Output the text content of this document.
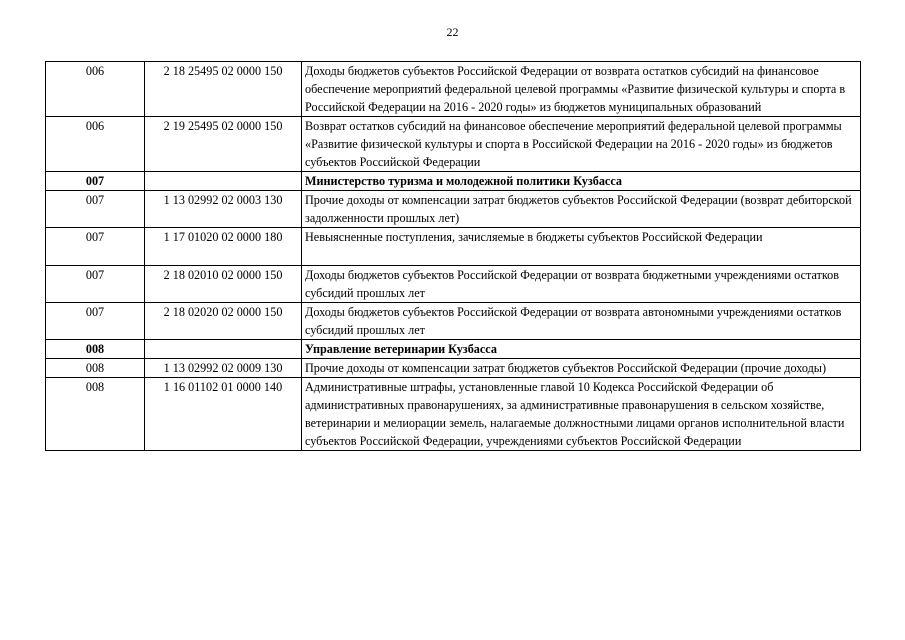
22
006	2 18 25495 02 0000 150	Доходы бюджетов субъектов Российской Федерации от возврата остатков субсидий на финансовое обеспечение мероприятий федеральной целевой программы «Развитие физической культуры и спорта в Российской Федерации на 2016 - 2020 годы» из бюджетов муниципальных образований
006	2 19 25495 02 0000 150	Возврат остатков субсидий на финансовое обеспечение мероприятий федеральной целевой программы «Развитие физической культуры и спорта в Российской Федерации на 2016 - 2020 годы» из бюджетов субъектов Российской Федерации
007		Министерство туризма и молодежной политики Кузбасса
007	1 13 02992 02 0003 130	Прочие доходы от компенсации затрат бюджетов субъектов Российской Федерации (возврат дебиторской задолженности прошлых лет)
007	1 17 01020 02 0000 180	Невыясненные поступления, зачисляемые в бюджеты субъектов Российской Федерации
007	2 18 02010 02 0000 150	Доходы бюджетов субъектов Российской Федерации от возврата бюджетными учреждениями остатков субсидий прошлых лет
007	2 18 02020 02 0000 150	Доходы бюджетов субъектов Российской Федерации от возврата автономными учреждениями остатков субсидий прошлых лет
008		Управление ветеринарии Кузбасса
008	1 13 02992 02 0009 130	Прочие доходы от компенсации затрат бюджетов субъектов Российской Федерации (прочие доходы)
008	1 16 01102 01 0000 140	Административные штрафы, установленные главой 10 Кодекса Российской Федерации об административных правонарушениях, за административные правонарушения в сельском хозяйстве, ветеринарии и мелиорации земель, налагаемые должностными лицами органов исполнительной власти субъектов Российской Федерации, учреждениями субъектов Российской Федерации
